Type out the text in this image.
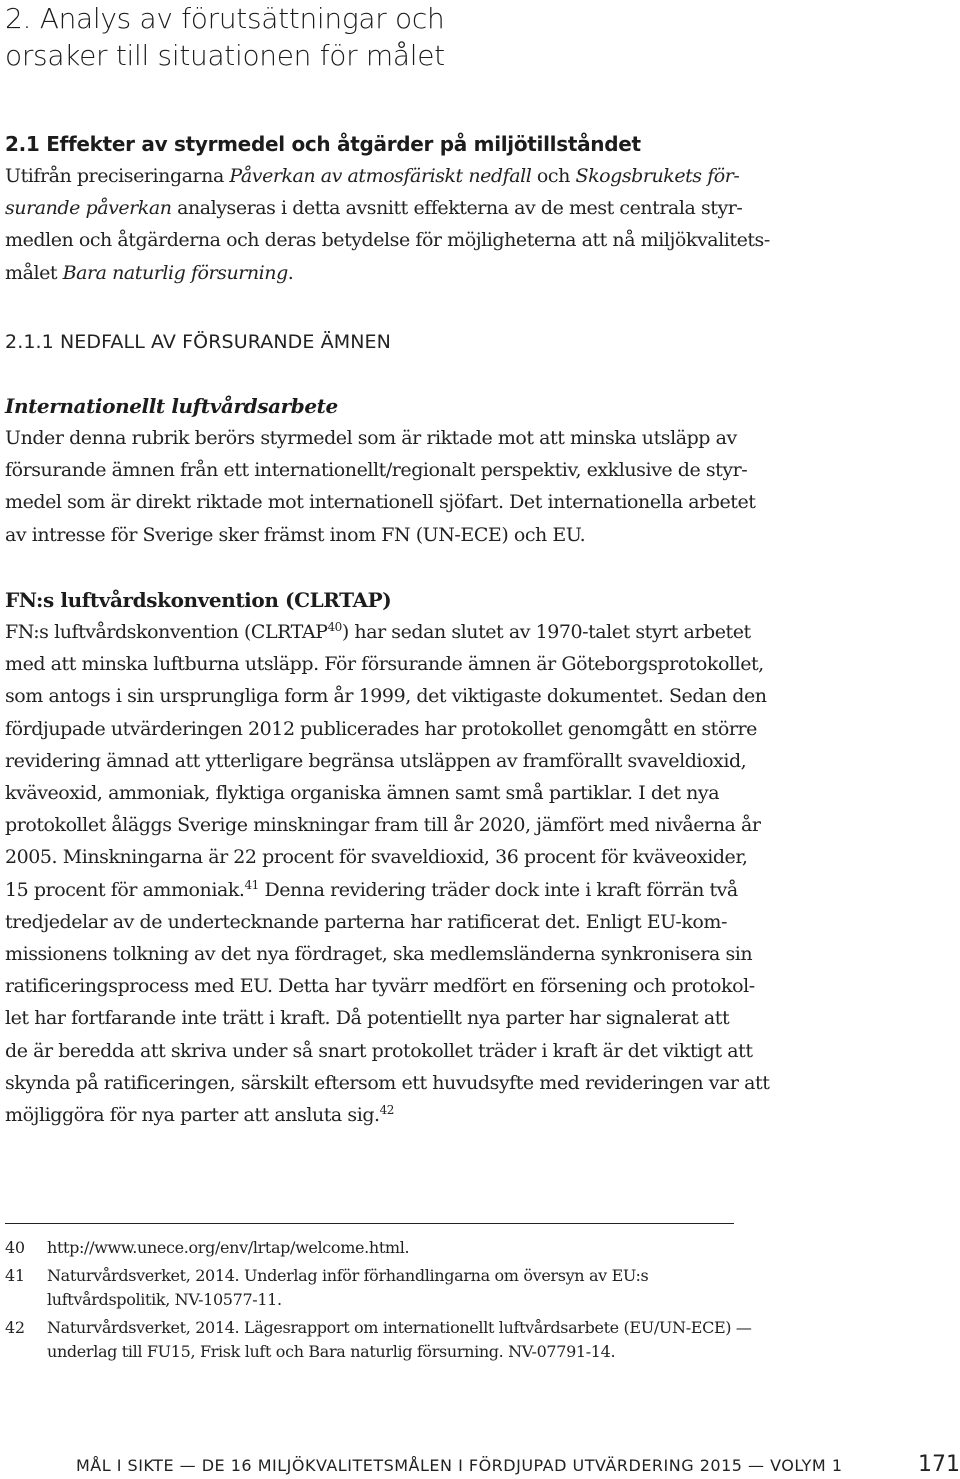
2. Analys av förutsättningar och
orsaker till situationen för målet
2.1 Effekter av styrmedel och åtgärder på miljötillståndet
Utifrån preciseringarna Påverkan av atmosfäriskt nedfall och Skogsbrukets för-
surande påverkan analyseras i detta avsnitt effekterna av de mest centrala styr-
medlen och åtgärderna och deras betydelse för möjligheterna att nå miljökvalitets-
målet Bara naturlig försurning.
2.1.1 NEDFALL AV FÖRSURANDE ÄMNEN
Internationellt luftvårdsarbete
Under denna rubrik berörs styrmedel som är riktade mot att minska utsläpp av
försurande ämnen från ett internationellt/regionalt perspektiv, exklusive de styr-
medel som är direkt riktade mot internationell sjöfart. Det internationella arbetet
av intresse för Sverige sker främst inom FN (UN-ECE) och EU.
FN:s luftvårdskonvention (CLRTAP)
FN:s luftvårdskonvention (CLRTAP$^{40}$) har sedan slutet av 1970-talet styrt arbetet
med att minska luftburna utsläpp. För försurande ämnen är Göteborgsprotokollet,
som antogs i sin ursprungliga form år 1999, det viktigaste dokumentet. Sedan den
fördjupade utvärderingen 2012 publicerades har protokollet genomgått en större
revidering ämnad att ytterligare begränsa utsläppen av framförallt svaveldioxid,
kväveoxid, ammoniak, flyktiga organiska ämnen samt små partiklar. I det nya
protokollet åläggs Sverige minskningar fram till år 2020, jämfört med nivåerna år
2005. Minskningarna är 22 procent för svaveldioxid, 36 procent för kväveoxider,
15 procent för ammoniak.$^{41}$ Denna revidering träder dock inte i kraft förrän två
tredjedelar av de undertecknande parterna har ratificerat det. Enligt EU-kom-
missionens tolkning av det nya fördraget, ska medlemsländerna synkronisera sin
ratificeringsprocess med EU. Detta har tyvärr medfört en försening och protokol-
let har fortfarande inte trätt i kraft. Då potentiellt nya parter har signalerat att
de är beredda att skriva under så snart protokollet träder i kraft är det viktigt att
skynda på ratificeringen, särskilt eftersom ett huvudsyfte med revideringen var att
möjliggöra för nya parter att ansluta sig.$^{42}$
40 http://www.unece.org/env/lrtap/welcome.html.
41 Naturvårdsverket, 2014. Underlag inför förhandlingarna om översyn av EU:s
luftvårdspolitik, NV-10577-11.
42 Naturvårdsverket, 2014. Lägesrapport om internationellt luftvårdsarbete (EU/UN-ECE) —
underlag till FU15, Frisk luft och Bara naturlig försurning. NV-07791-14.
MÅL I SIKTE — DE 16 MILJÖKVALITETSMÅLEN I FÖRDJUPAD UTVÄRDERING 2015 — VOLYM 1	171
